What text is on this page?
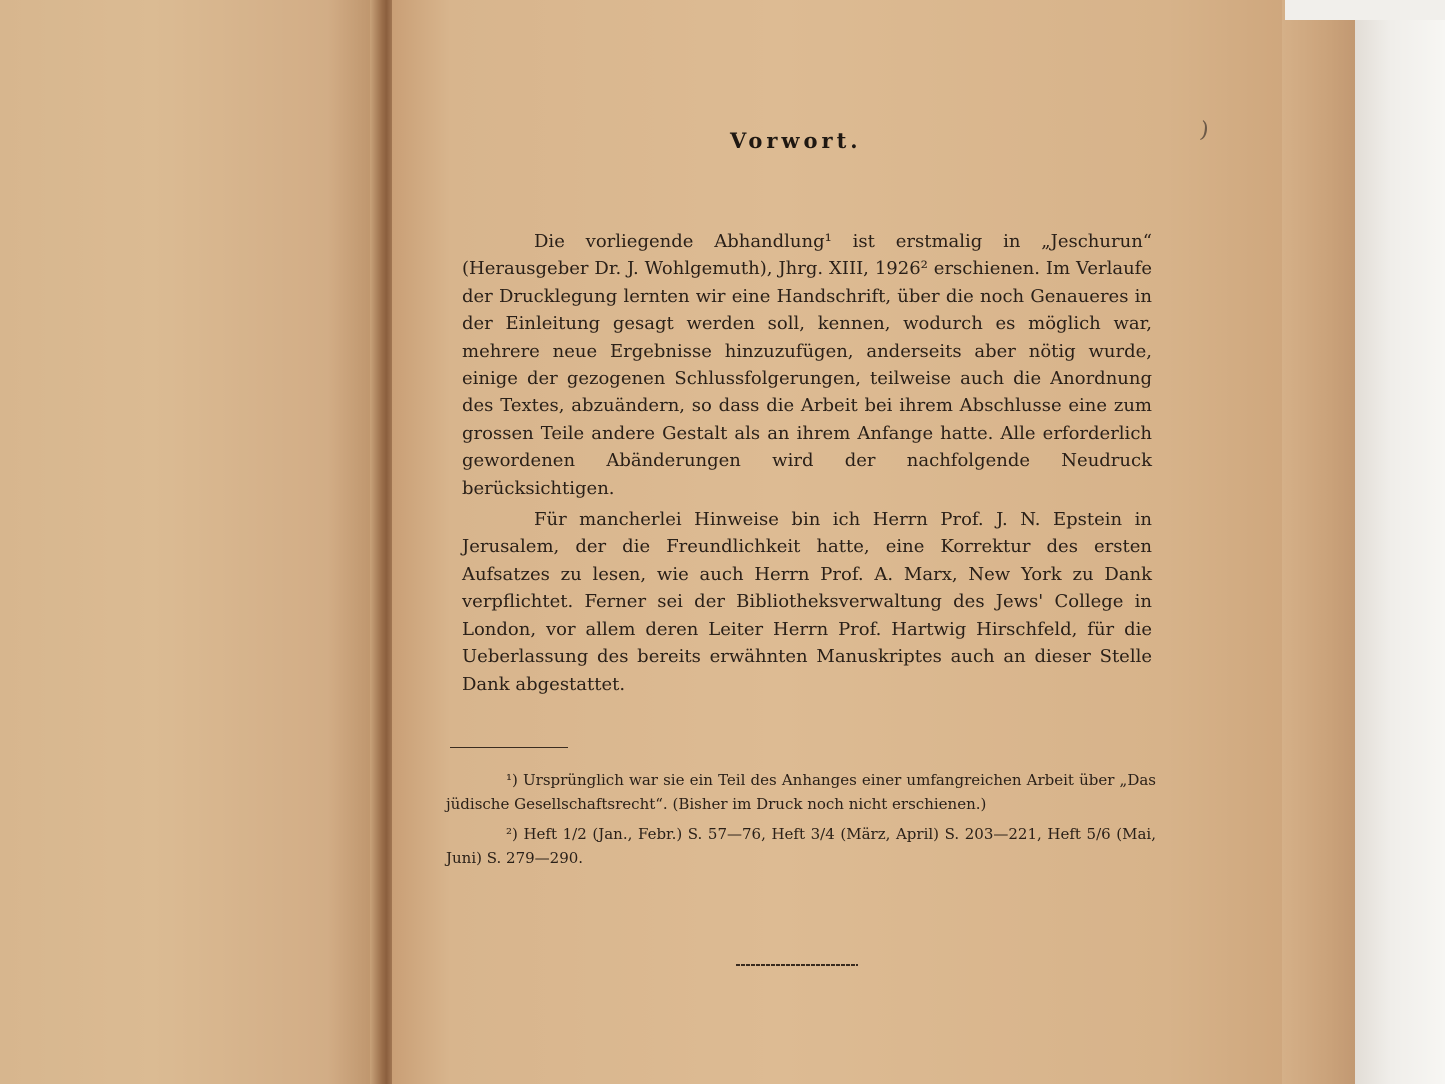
)
Vorwort.

Die vorliegende Abhandlung¹ ist erstmalig in „Jeschurun“ (Herausgeber Dr. J. Wohlgemuth), Jhrg. XIII, 1926² erschienen. Im Verlaufe der Drucklegung lernten wir eine Handschrift, über die noch Genaueres in der Einleitung gesagt werden soll, kennen, wodurch es möglich war, mehrere neue Ergebnisse hinzuzufügen, anderseits aber nötig wurde, einige der gezogenen Schlussfolgerungen, teilweise auch die Anordnung des Textes, abzuändern, so dass die Arbeit bei ihrem Abschlusse eine zum grossen Teile andere Gestalt als an ihrem Anfange hatte. Alle erforderlich gewordenen Abänderungen wird der nachfolgende Neudruck berücksichtigen.

Für mancherlei Hinweise bin ich Herrn Prof. J. N. Epstein in Jerusalem, der die Freundlichkeit hatte, eine Korrektur des ersten Aufsatzes zu lesen, wie auch Herrn Prof. A. Marx, New York zu Dank verpflichtet. Ferner sei der Bibliotheksverwaltung des Jews' College in London, vor allem deren Leiter Herrn Prof. Hartwig Hirschfeld, für die Ueberlassung des bereits erwähnten Manuskriptes auch an dieser Stelle Dank abgestattet.

¹) Ursprünglich war sie ein Teil des Anhanges einer umfangreichen Arbeit über „Das jüdische Gesellschaftsrecht“. (Bisher im Druck noch nicht erschienen.)

²) Heft 1/2 (Jan., Febr.) S. 57—76, Heft 3/4 (März, April) S. 203—221, Heft 5/6 (Mai, Juni) S. 279—290.
